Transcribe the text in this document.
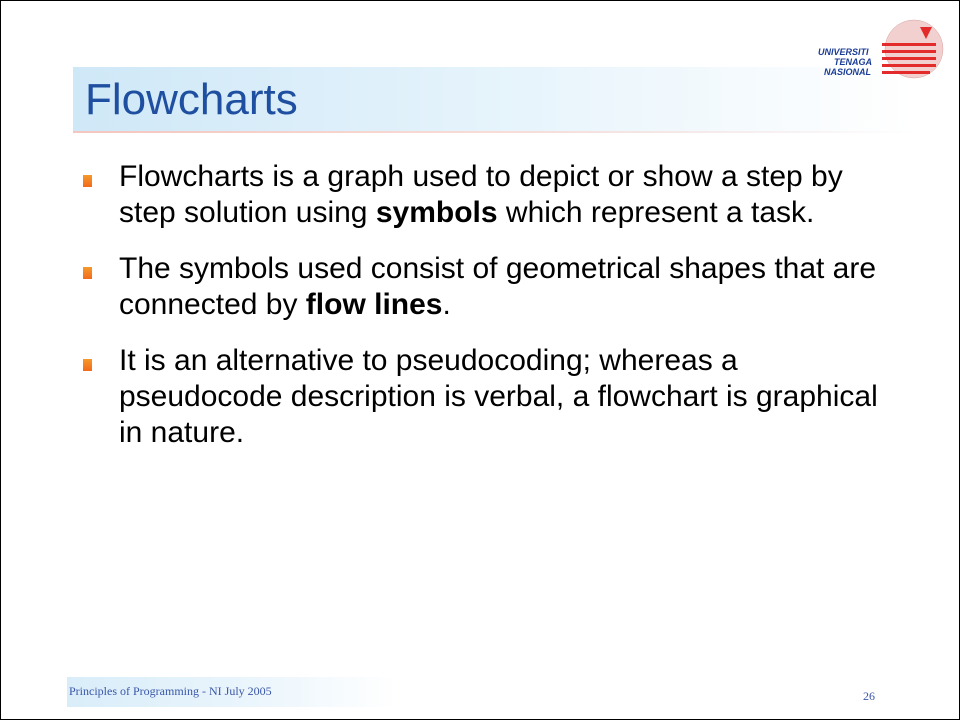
Flowcharts
UNIVERSITI
TENAGA
NASIONAL
Flowcharts is a graph used to depict or show a step by step solution using symbols which represent a task.
The symbols used consist of geometrical shapes that are connected by flow lines.
It is an alternative to pseudocoding; whereas a pseudocode description is verbal, a flowchart is graphical in nature.
Principles of Programming - NI July 2005	26
